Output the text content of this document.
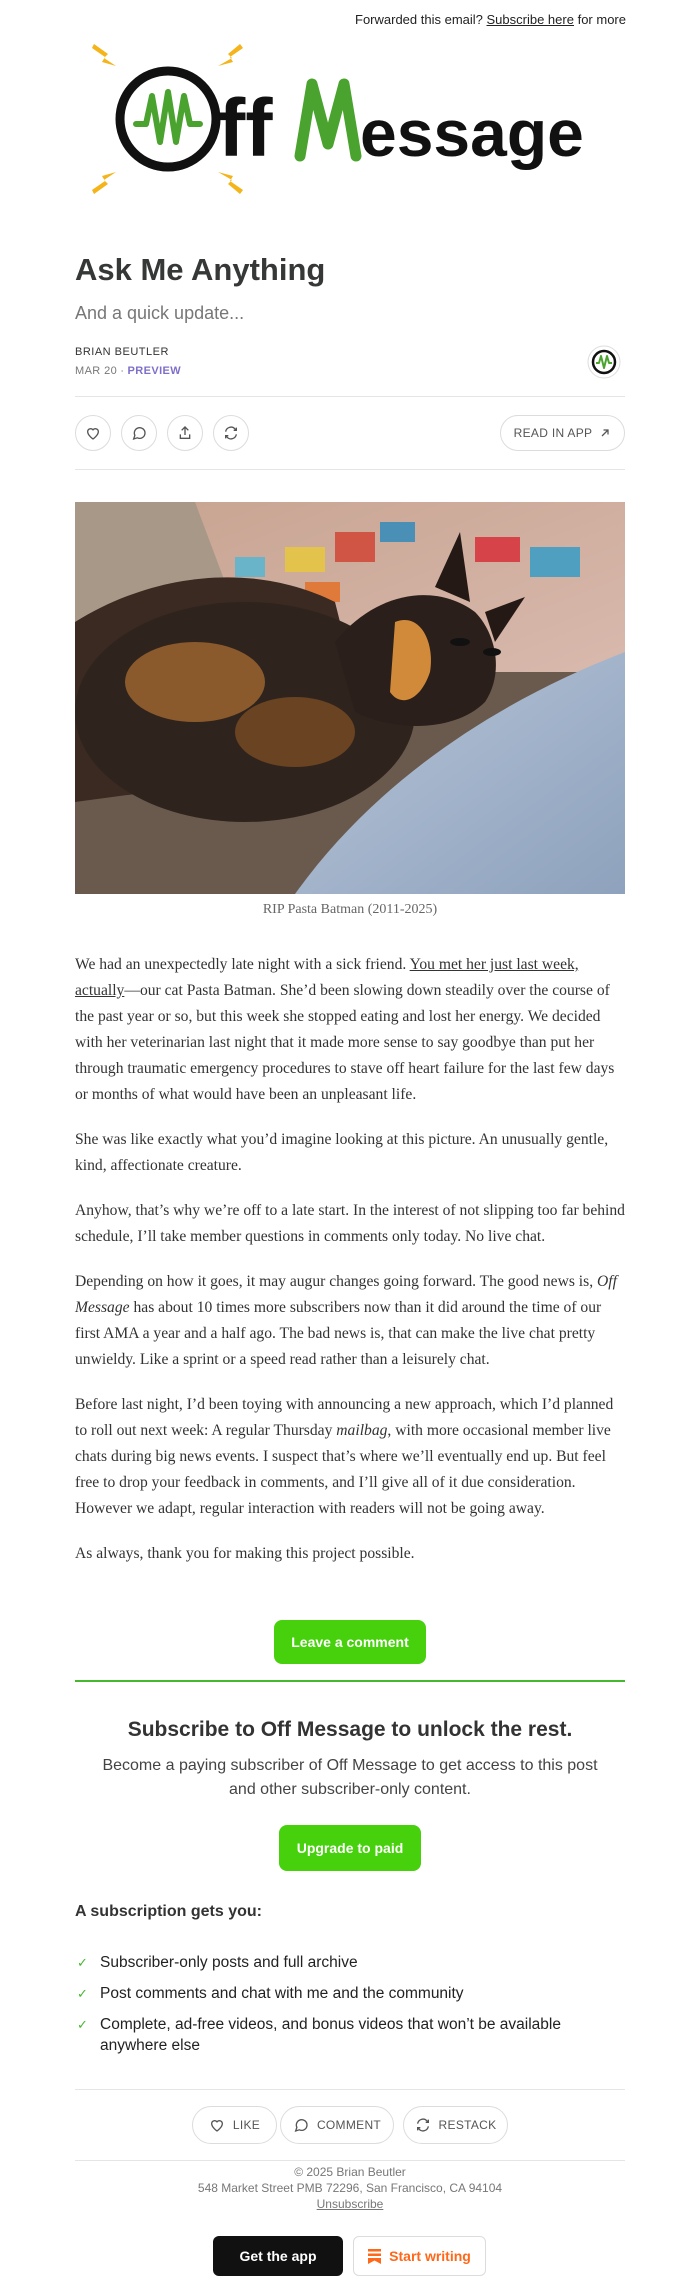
Forwarded this email? Subscribe here for more
ff essage
Ask Me Anything
And a quick update...
BRIAN BEUTLER
MAR 20 ∙ PREVIEW
READ IN APP
RIP Pasta Batman (2011-2025)

We had an unexpectedly late night with a sick friend. You met her just last week, actually—our cat Pasta Batman. She’d been slowing down steadily over the course of the past year or so, but this week she stopped eating and lost her energy. We decided with her veterinarian last night that it made more sense to say goodbye than put her through traumatic emergency procedures to stave off heart failure for the last few days or months of what would have been an unpleasant life.

She was like exactly what you’d imagine looking at this picture. An unusually gentle, kind, affectionate creature.

Anyhow, that’s why we’re off to a late start. In the interest of not slipping too far behind schedule, I’ll take member questions in comments only today. No live chat.

Depending on how it goes, it may augur changes going forward. The good news is, Off Message has about 10 times more subscribers now than it did around the time of our first AMA a year and a half ago. The bad news is, that can make the live chat pretty unwieldy. Like a sprint or a speed read rather than a leisurely chat.

Before last night, I’d been toying with announcing a new approach, which I’d planned to roll out next week: A regular Thursday mailbag, with more occasional member live chats during big news events. I suspect that’s where we’ll eventually end up. But feel free to drop your feedback in comments, and I’ll give all of it due consideration. However we adapt, regular interaction with readers will not be going away.

As always, thank you for making this project possible.

Leave a comment
Subscribe to Off Message to unlock the rest.
Become a paying subscriber of Off Message to get access to this post and other subscriber-only content.
Upgrade to paid
A subscription gets you:
✓ Subscriber-only posts and full archive
✓ Post comments and chat with me and the community
✓ Complete, ad-free videos, and bonus videos that won’t be available anywhere else
LIKE	COMMENT	RESTACK
© 2025 Brian Beutler
548 Market Street PMB 72296, San Francisco, CA 94104
Unsubscribe
Get the app	Start writing
